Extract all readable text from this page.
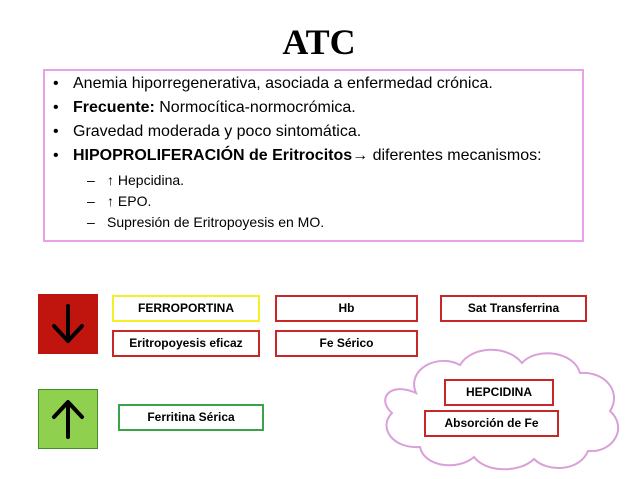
ATC
• Anemia hiporregenerativa, asociada a enfermedad crónica.
• Frecuente: Normocítica-normocrómica.
• Gravedad moderada y poco sintomática.
• HIPOPROLIFERACIÓN de Eritrocitos→ diferentes mecanismos:
– ↑ Hepcidina.
– ↑ EPO.
– Supresión de Eritropoyesis en MO.
FERROPORTINA	Hb	Sat Transferrina
Eritropoyesis eficaz	Fe Sérico
Ferritina Sérica
HEPCIDINA
Absorción de Fe
